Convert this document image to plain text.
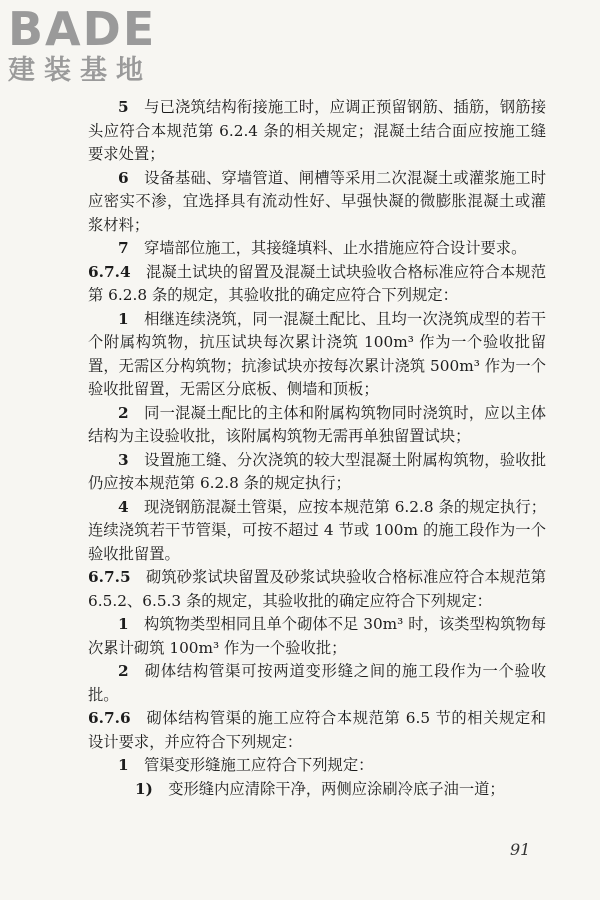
BADE
建装基地

5  与已浇筑结构衔接施工时，应调正预留钢筋、插筋，钢筋接头应符合本规范第 6.2.4 条的相关规定；混凝土结合面应按施工缝要求处置；

6  设备基础、穿墙管道、闸槽等采用二次混凝土或灌浆施工时应密实不渗，宜选择具有流动性好、早强快凝的微膨胀混凝土或灌浆材料；

7  穿墙部位施工，其接缝填料、止水措施应符合设计要求。

6.7.4  混凝土试块的留置及混凝土试块验收合格标准应符合本规范第 6.2.8 条的规定，其验收批的确定应符合下列规定：

1  相继连续浇筑，同一混凝土配比、且均一次浇筑成型的若干个附属构筑物，抗压试块每次累计浇筑 100m³ 作为一个验收批留置，无需区分构筑物；抗渗试块亦按每次累计浇筑 500m³ 作为一个验收批留置，无需区分底板、侧墙和顶板；

2  同一混凝土配比的主体和附属构筑物同时浇筑时，应以主体结构为主设验收批，该附属构筑物无需再单独留置试块；

3  设置施工缝、分次浇筑的较大型混凝土附属构筑物，验收批仍应按本规范第 6.2.8 条的规定执行；

4  现浇钢筋混凝土管渠，应按本规范第 6.2.8 条的规定执行；连续浇筑若干节管渠，可按不超过 4 节或 100m 的施工段作为一个验收批留置。

6.7.5  砌筑砂浆试块留置及砂浆试块验收合格标准应符合本规范第 6.5.2、6.5.3 条的规定，其验收批的确定应符合下列规定：

1  构筑物类型相同且单个砌体不足 30m³ 时，该类型构筑物每次累计砌筑 100m³ 作为一个验收批；

2  砌体结构管渠可按两道变形缝之间的施工段作为一个验收批。

6.7.6  砌体结构管渠的施工应符合本规范第 6.5 节的相关规定和设计要求，并应符合下列规定：

1  管渠变形缝施工应符合下列规定：

1)  变形缝内应清除干净，两侧应涂刷冷底子油一道；

91
